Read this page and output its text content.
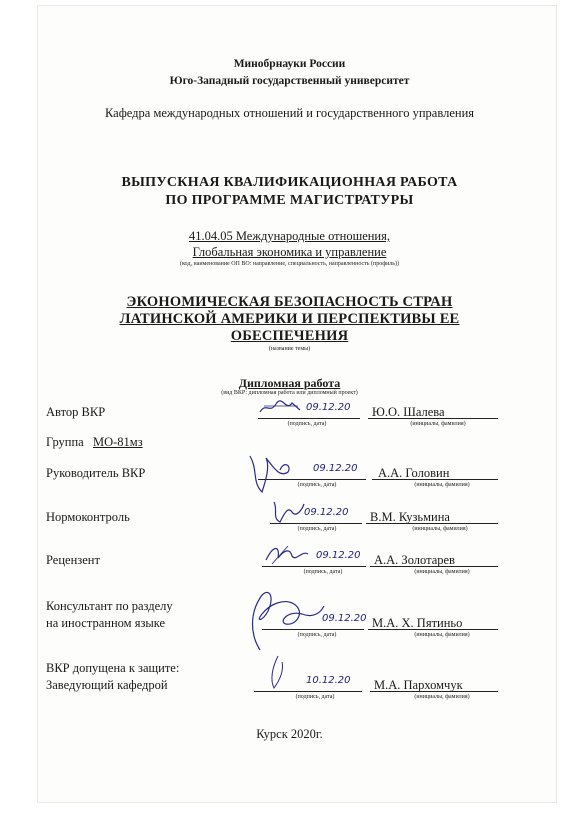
Минобрнауки России
Юго-Западный государственный университет
Кафедра международных отношений и государственного управления
ВЫПУСКНАЯ КВАЛИФИКАЦИОННАЯ РАБОТА
ПО ПРОГРАММЕ МАГИСТРАТУРЫ
41.04.05 Международные отношения,
Глобальная экономика и управление
(код, наименование ОП ВО: направление, специальность, направленность (профиль))
ЭКОНОМИЧЕСКАЯ БЕЗОПАСНОСТЬ СТРАН
ЛАТИНСКОЙ АМЕРИКИ И ПЕРСПЕКТИВЫ ЕЕ
ОБЕСПЕЧЕНИЯ
(название темы)
Дипломная работа
(вид ВКР: дипломная работа или дипломный проект)
Автор ВКР	09.12.20 Ю.О. Шалева
(подпись, дата)	(инициалы, фамилия)
Группа МО-81мз
Руководитель ВКР	09.12.20 А.А. Головин
(подпись, дата)	(инициалы, фамилия)
Нормоконтроль	09.12.20 В.М. Кузьмина
(подпись, дата)	(инициалы, фамилия)
Рецензент	09.12.20 А.А. Золотарев
(подпись, дата)	(инициалы, фамилия)
Консультант по разделу
на иностранном языке	09.12.20 М.А. Х. Пятиньо
(подпись, дата)	(инициалы, фамилия)
ВКР допущена к защите:
Заведующий кафедрой	10.12.20 М.А. Пархомчук
(подпись, дата)	(инициалы, фамилия)
Курск 2020г.
